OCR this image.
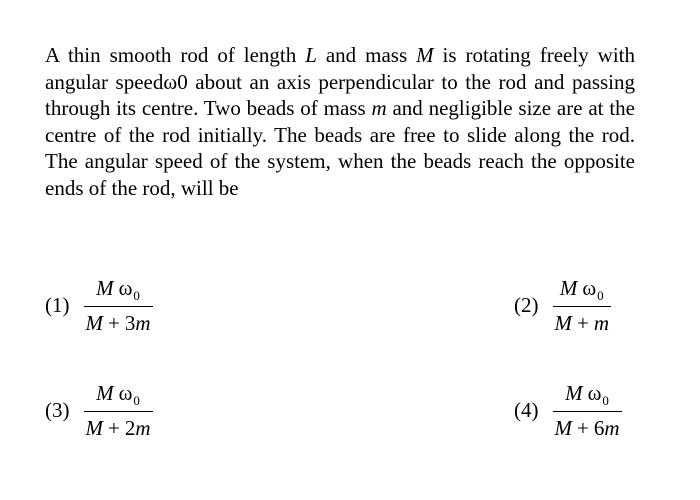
A thin smooth rod of length L and mass M is rotating freely with angular speedω0 about an axis perpendicular to the rod and passing through its centre. Two beads of mass m and negligible size are at the centre of the rod initially. The beads are free to slide along the rod. The angular speed of the system, when the beads reach the opposite ends of the rod, will be
$(1) \frac{M \omega_0}{M + 3m}$	$(2) \frac{M \omega_0}{M + m}$
$(3) \frac{M \omega_0}{M + 2m}$	$(4) \frac{M \omega_0}{M + 6m}$
